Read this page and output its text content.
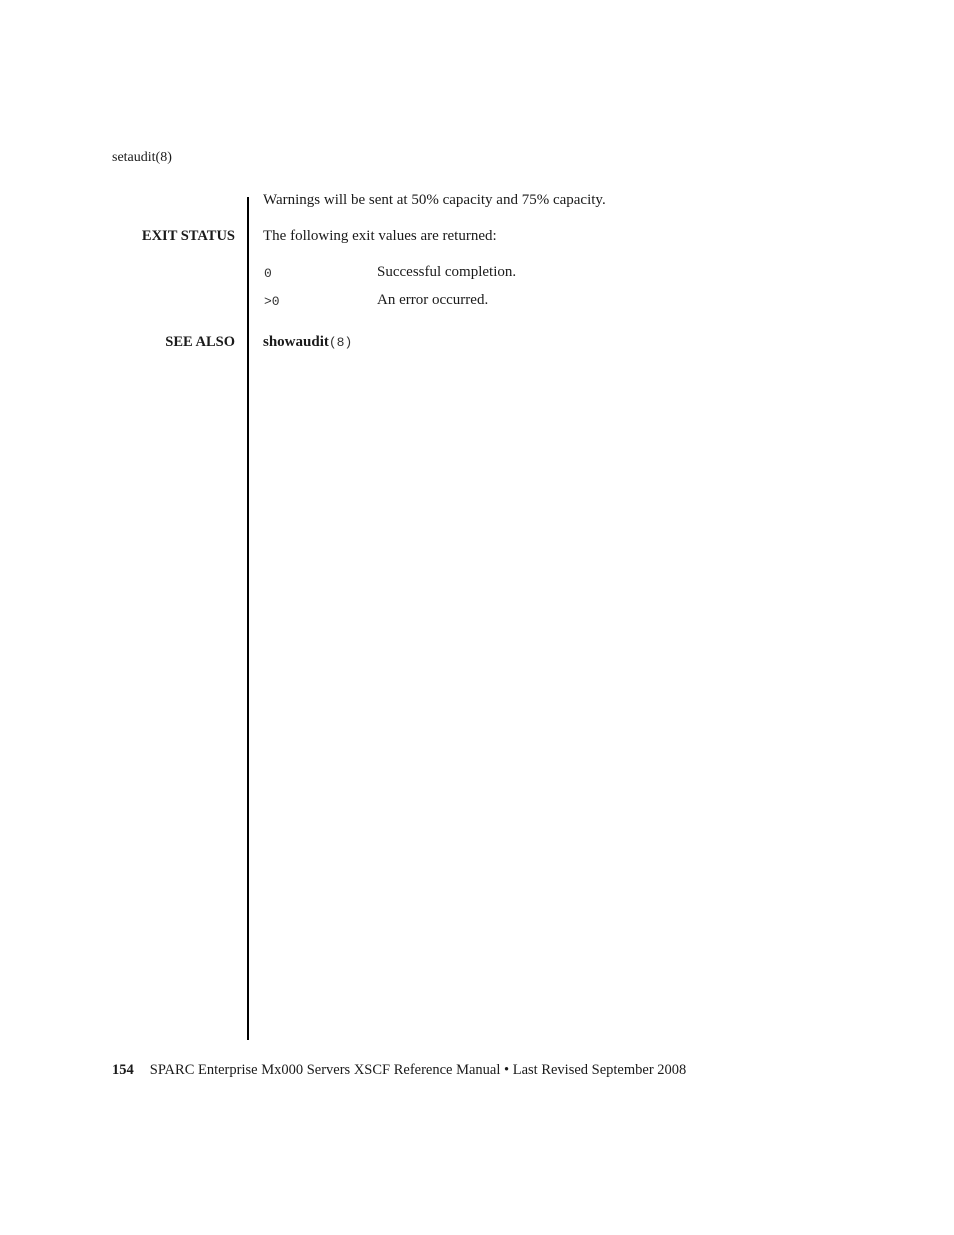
setaudit(8)
Warnings will be sent at 50% capacity and 75% capacity.
EXIT STATUS The following exit values are returned:
0	Successful completion.
>0	An error occurred.
SEE ALSO showaudit(8)
154 SPARC Enterprise Mx000 Servers XSCF Reference Manual • Last Revised September 2008
